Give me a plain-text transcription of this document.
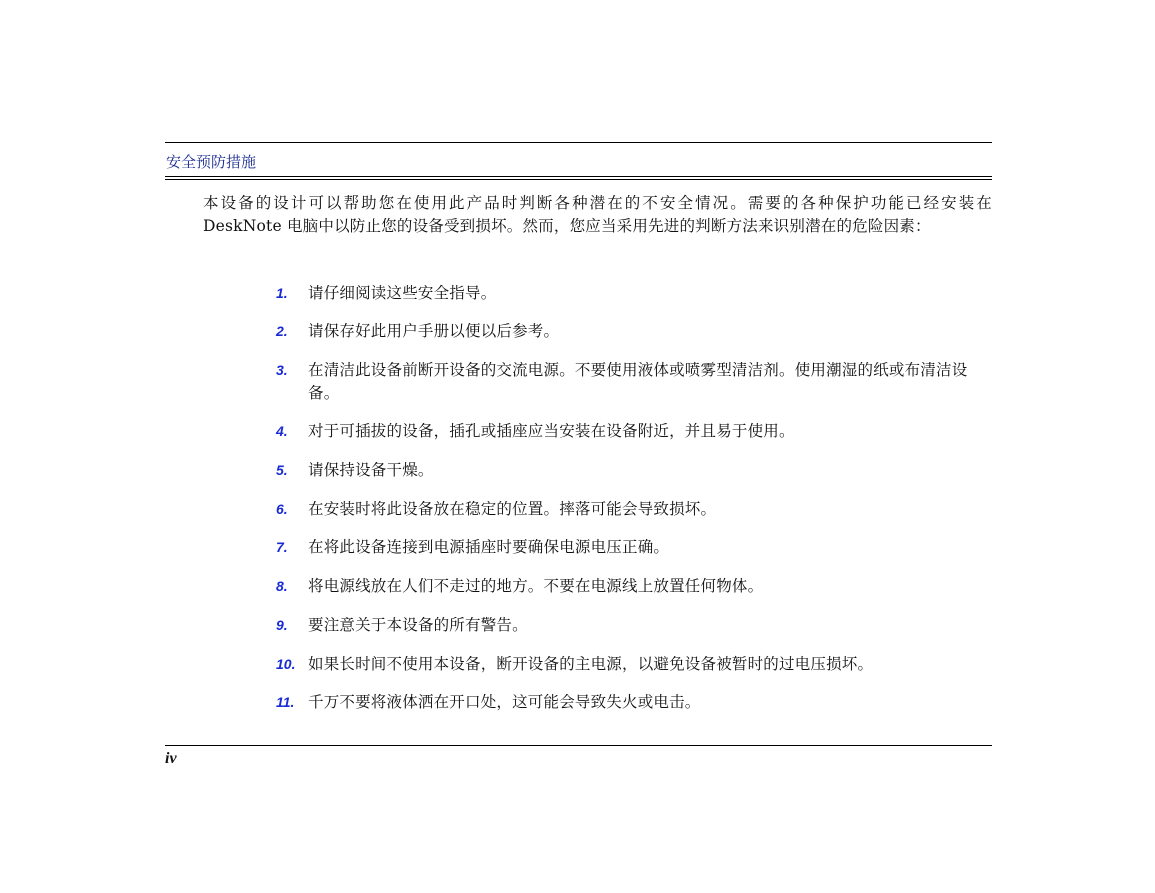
安全预防措施

本设备的设计可以帮助您在使用此产品时判断各种潜在的不安全情况。需要的各种保护功能已经安装在 DeskNote 电脑中以防止您的设备受到损坏。然而，您应当采用先进的判断方法来识别潜在的危险因素：

1.	请仔细阅读这些安全指导。
2.	请保存好此用户手册以便以后参考。
3.	在清洁此设备前断开设备的交流电源。不要使用液体或喷雾型清洁剂。使用潮湿的纸或布清洁设备。
4.	对于可插拔的设备，插孔或插座应当安装在设备附近，并且易于使用。
5.	请保持设备干燥。
6.	在安装时将此设备放在稳定的位置。摔落可能会导致损坏。
7.	在将此设备连接到电源插座时要确保电源电压正确。
8.	将电源线放在人们不走过的地方。不要在电源线上放置任何物体。
9.	要注意关于本设备的所有警告。
10. 如果长时间不使用本设备，断开设备的主电源，以避免设备被暂时的过电压损坏。
11. 千万不要将液体洒在开口处，这可能会导致失火或电击。
iv
